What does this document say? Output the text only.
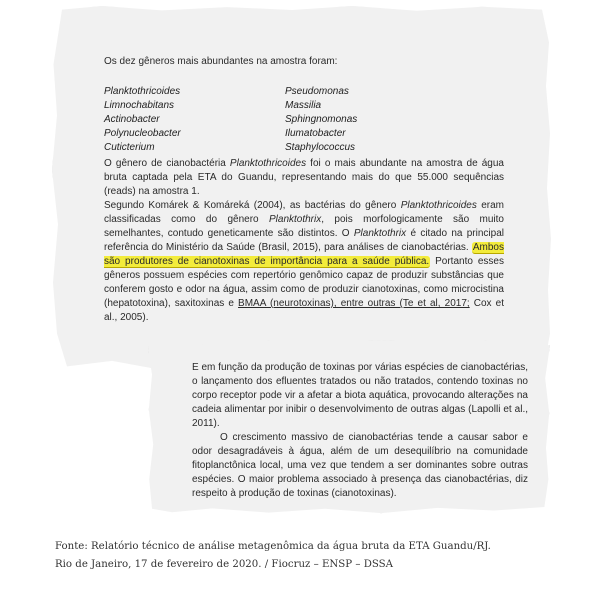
Os dez gêneros mais abundantes na amostra foram:

Planktothricoides
Limnochabitans
Actinobacter
Polynucleobacter
Cuticterium
Pseudomonas
Massilia
Sphingnomonas
Ilumatobacter
Staphylococcus

O gênero de cianobactéria Planktothricoides foi o mais abundante na amostra de água bruta captada pela ETA do Guandu, representando mais do que 55.000 sequências (reads) na amostra 1.

Segundo Komárek & Komáreká (2004), as bactérias do gênero Planktothricoides eram classificadas como do gênero Planktothrix, pois morfologicamente são muito semelhantes, contudo geneticamente são distintos. O Planktothrix é citado na principal referência do Ministério da Saúde (Brasil, 2015), para análises de cianobactérias. Ambos são produtores de cianotoxinas de importância para a saúde pública. Portanto esses gêneros possuem espécies com repertório genômico capaz de produzir substâncias que conferem gosto e odor na água, assim como de produzir cianotoxinas, como microcistina (hepatotoxina), saxitoxinas e BMAA (neurotoxinas), entre outras (Te et al, 2017; Cox et al., 2005).

E em função da produção de toxinas por várias espécies de cianobactérias, o lançamento dos efluentes tratados ou não tratados, contendo toxinas no corpo receptor pode vir a afetar a biota aquática, provocando alterações na cadeia alimentar por inibir o desenvolvimento de outras algas (Lapolli et al., 2011).

O crescimento massivo de cianobactérias tende a causar sabor e odor desagradáveis à água, além de um desequilíbrio na comunidade fitoplanctônica local, uma vez que tendem a ser dominantes sobre outras espécies. O maior problema associado à presença das cianobactérias, diz respeito à produção de toxinas (cianotoxinas).

Fonte: Relatório técnico de análise metagenômica da água bruta da ETA Guandu/RJ.
Rio de Janeiro, 17 de fevereiro de 2020. / Fiocruz – ENSP – DSSA
